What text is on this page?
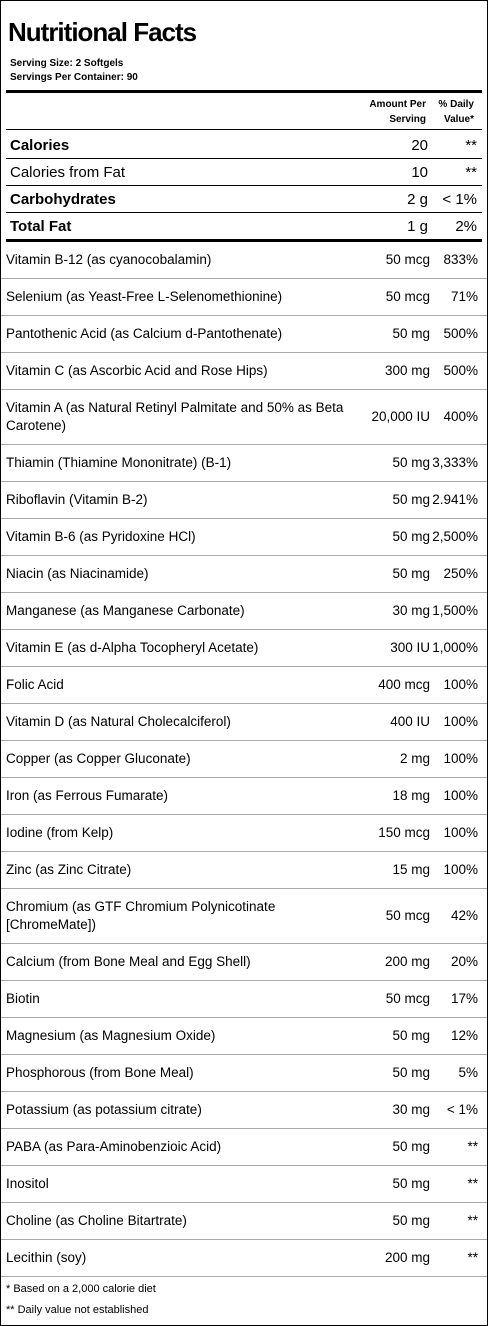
Nutritional Facts
Serving Size: 2 Softgels
Servings Per Container: 90
Amount Per
Serving
% Daily
Value*
Calories	20 **
Calories from Fat	10 **
Carbohydrates	2 g < 1%
Total Fat	1 g 2%
Vitamin B-12 (as cyanocobalamin)	50 mcg 833%
Selenium (as Yeast-Free L-Selenomethionine)	50 mcg 71%
Pantothenic Acid (as Calcium d-Pantothenate)	50 mg 500%
Vitamin C (as Ascorbic Acid and Rose Hips)	300 mg 500%
Vitamin A (as Natural Retinyl Palmitate and 50% as Beta Carotene)
20,000 IU 400%
Thiamin (Thiamine Mononitrate) (B-1)	50 mg 3,333%
Riboflavin (Vitamin B-2)	50 mg 2.941%
Vitamin B-6 (as Pyridoxine HCl)	50 mg 2,500%
Niacin (as Niacinamide)	50 mg 250%
Manganese (as Manganese Carbonate)	30 mg 1,500%
Vitamin E (as d-Alpha Tocopheryl Acetate)	300 IU 1,000%
Folic Acid	400 mcg 100%
Vitamin D (as Natural Cholecalciferol)	400 IU 100%
Copper (as Copper Gluconate)	2 mg 100%
Iron (as Ferrous Fumarate)	18 mg 100%
Iodine (from Kelp)	150 mcg 100%
Zinc (as Zinc Citrate)	15 mg 100%
Chromium (as GTF Chromium Polynicotinate [ChromeMate])
50 mcg 42%
Calcium (from Bone Meal and Egg Shell)	200 mg 20%
Biotin	50 mcg 17%
Magnesium (as Magnesium Oxide)	50 mg 12%
Phosphorous (from Bone Meal)	50 mg 5%
Potassium (as potassium citrate)	30 mg < 1%
PABA (as Para-Aminobenzioic Acid)	50 mg	**
Inositol	50 mg	**
Choline (as Choline Bitartrate)	50 mg	**
Lecithin (soy)	200 mg	**
* Based on a 2,000 calorie diet
** Daily value not established
